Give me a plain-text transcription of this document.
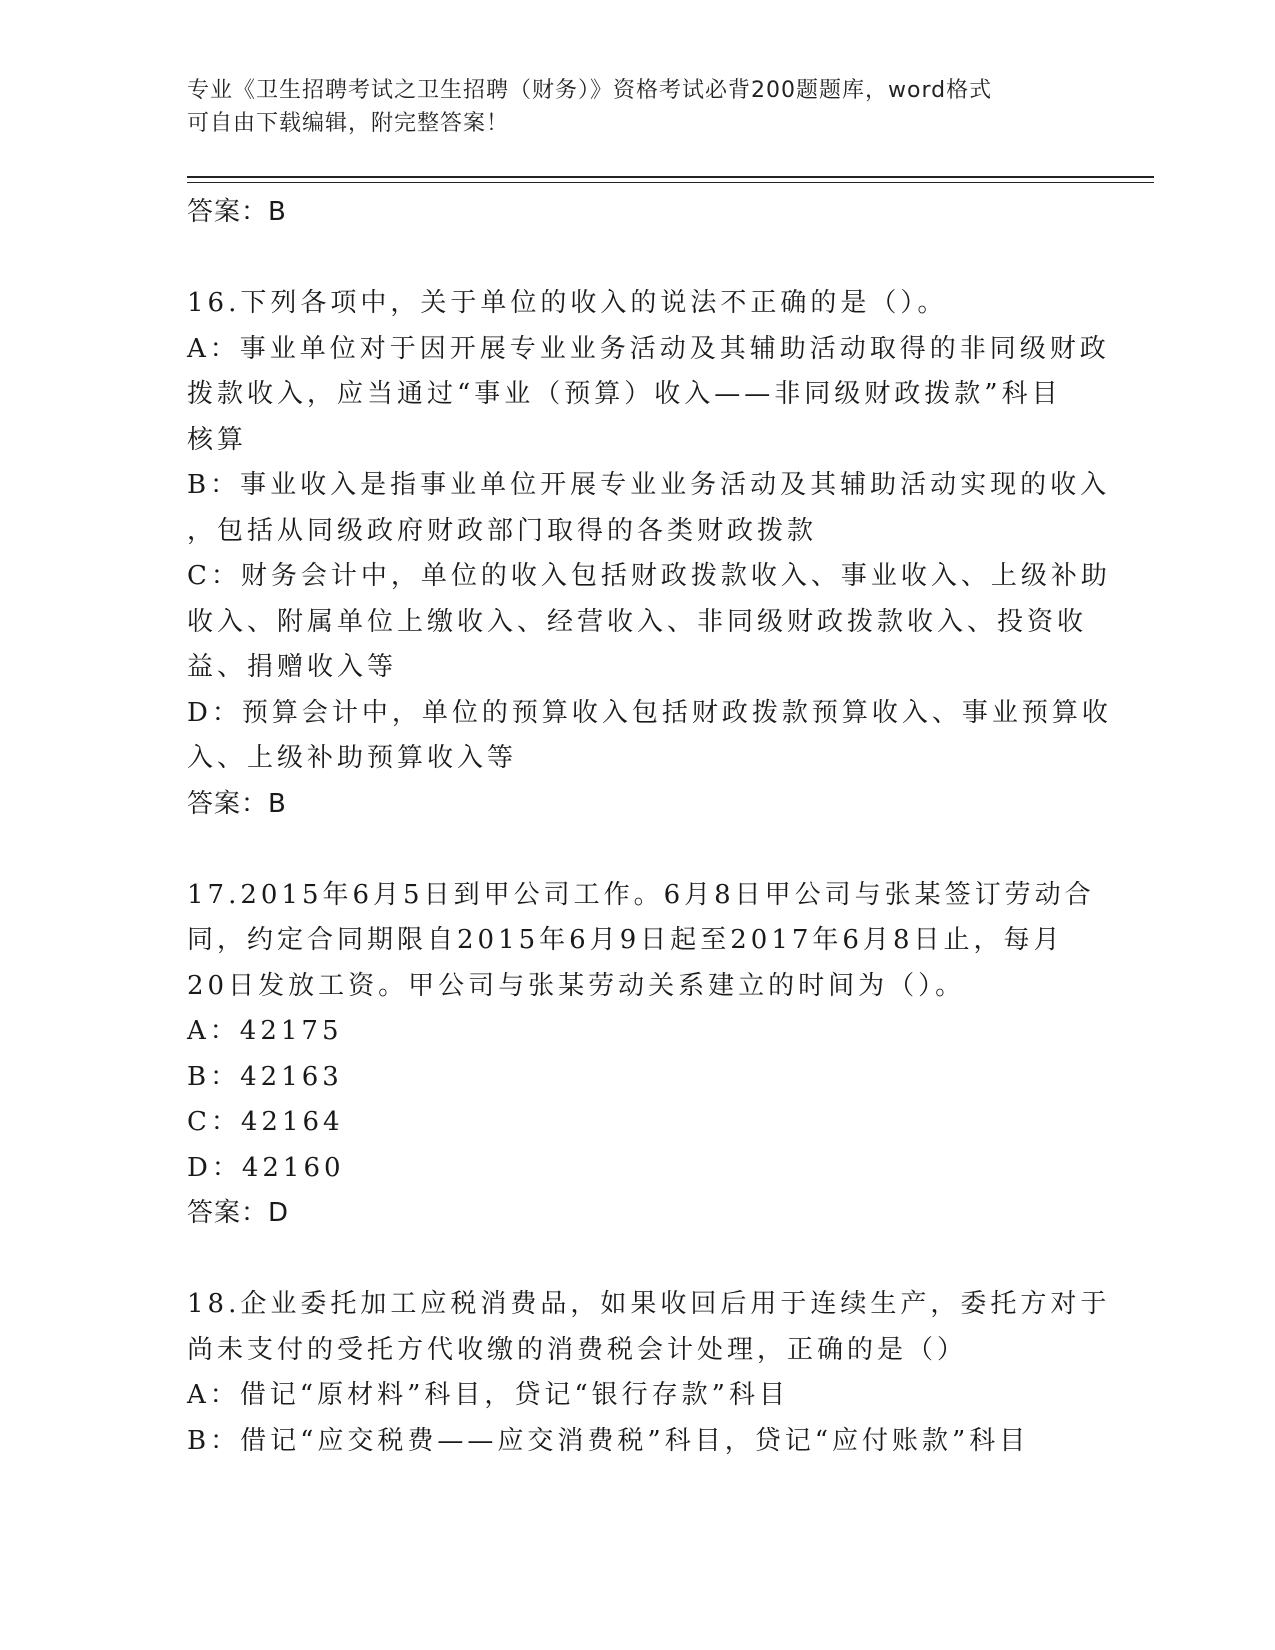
专业《卫生招聘考试之卫生招聘（财务）》资格考试必背200题题库，word格式
可自由下载编辑，附完整答案！
答案：B
16.下列各项中，关于单位的收入的说法不正确的是（）。
A：事业单位对于因开展专业业务活动及其辅助活动取得的非同级财政
拨款收入，应当通过“事业（预算）收入——非同级财政拨款”科目
核算
B：事业收入是指事业单位开展专业业务活动及其辅助活动实现的收入
，包括从同级政府财政部门取得的各类财政拨款
C：财务会计中，单位的收入包括财政拨款收入、事业收入、上级补助
收入、附属单位上缴收入、经营收入、非同级财政拨款收入、投资收
益、捐赠收入等
D：预算会计中，单位的预算收入包括财政拨款预算收入、事业预算收
入、上级补助预算收入等
答案：B
17.2015年6月5日到甲公司工作。6月8日甲公司与张某签订劳动合
同，约定合同期限自2015年6月9日起至2017年6月8日止，每月
20日发放工资。甲公司与张某劳动关系建立的时间为（）。
A：42175
B：42163
C：42164
D：42160
答案：D
18.企业委托加工应税消费品，如果收回后用于连续生产，委托方对于
尚未支付的受托方代收缴的消费税会计处理，正确的是（）
A：借记“原材料”科目，贷记“银行存款”科目
B：借记“应交税费——应交消费税”科目，贷记“应付账款”科目
